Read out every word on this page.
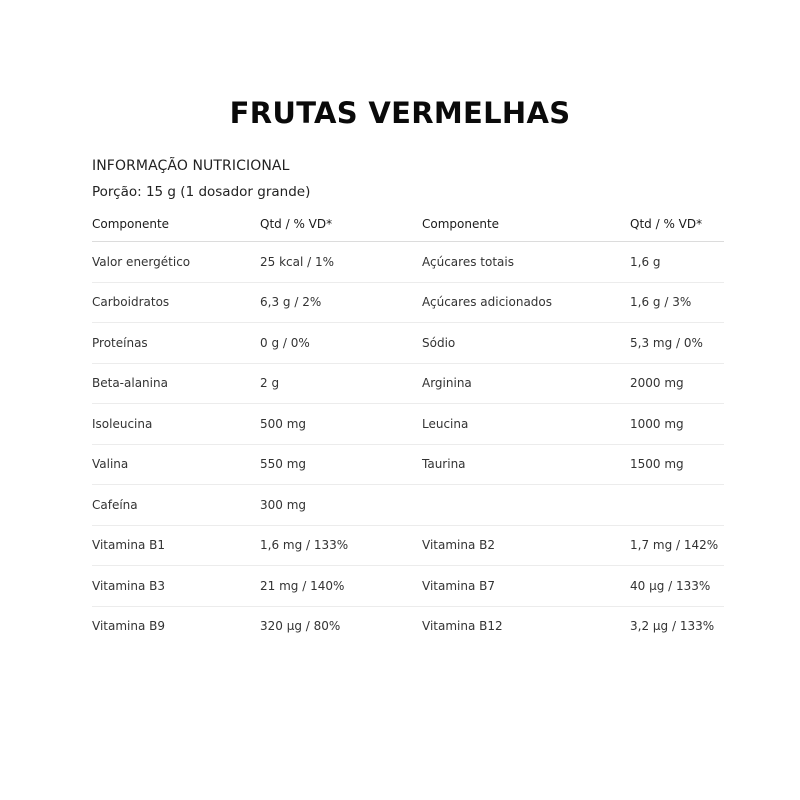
FRUTAS VERMELHAS
INFORMAÇÃO NUTRICIONAL
Porção: 15 g (1 dosador grande)
Componente	Qtd / % VD*	Componente	Qtd / % VD*
Valor energético	25 kcal / 1%	Açúcares totais	1,6 g
Carboidratos	6,3 g / 2%	Açúcares adicionados	1,6 g / 3%
Proteínas	0 g / 0%	Sódio	5,3 mg / 0%
Beta-alanina	2 g	Arginina	2000 mg
Isoleucina	500 mg	Leucina	1000 mg
Valina	550 mg	Taurina	1500 mg
Cafeína	300 mg		
Vitamina B1	1,6 mg / 133%	Vitamina B2	1,7 mg / 142%
Vitamina B3	21 mg / 140%	Vitamina B7	40 µg / 133%
Vitamina B9	320 µg / 80%	Vitamina B12	3,2 µg / 133%
